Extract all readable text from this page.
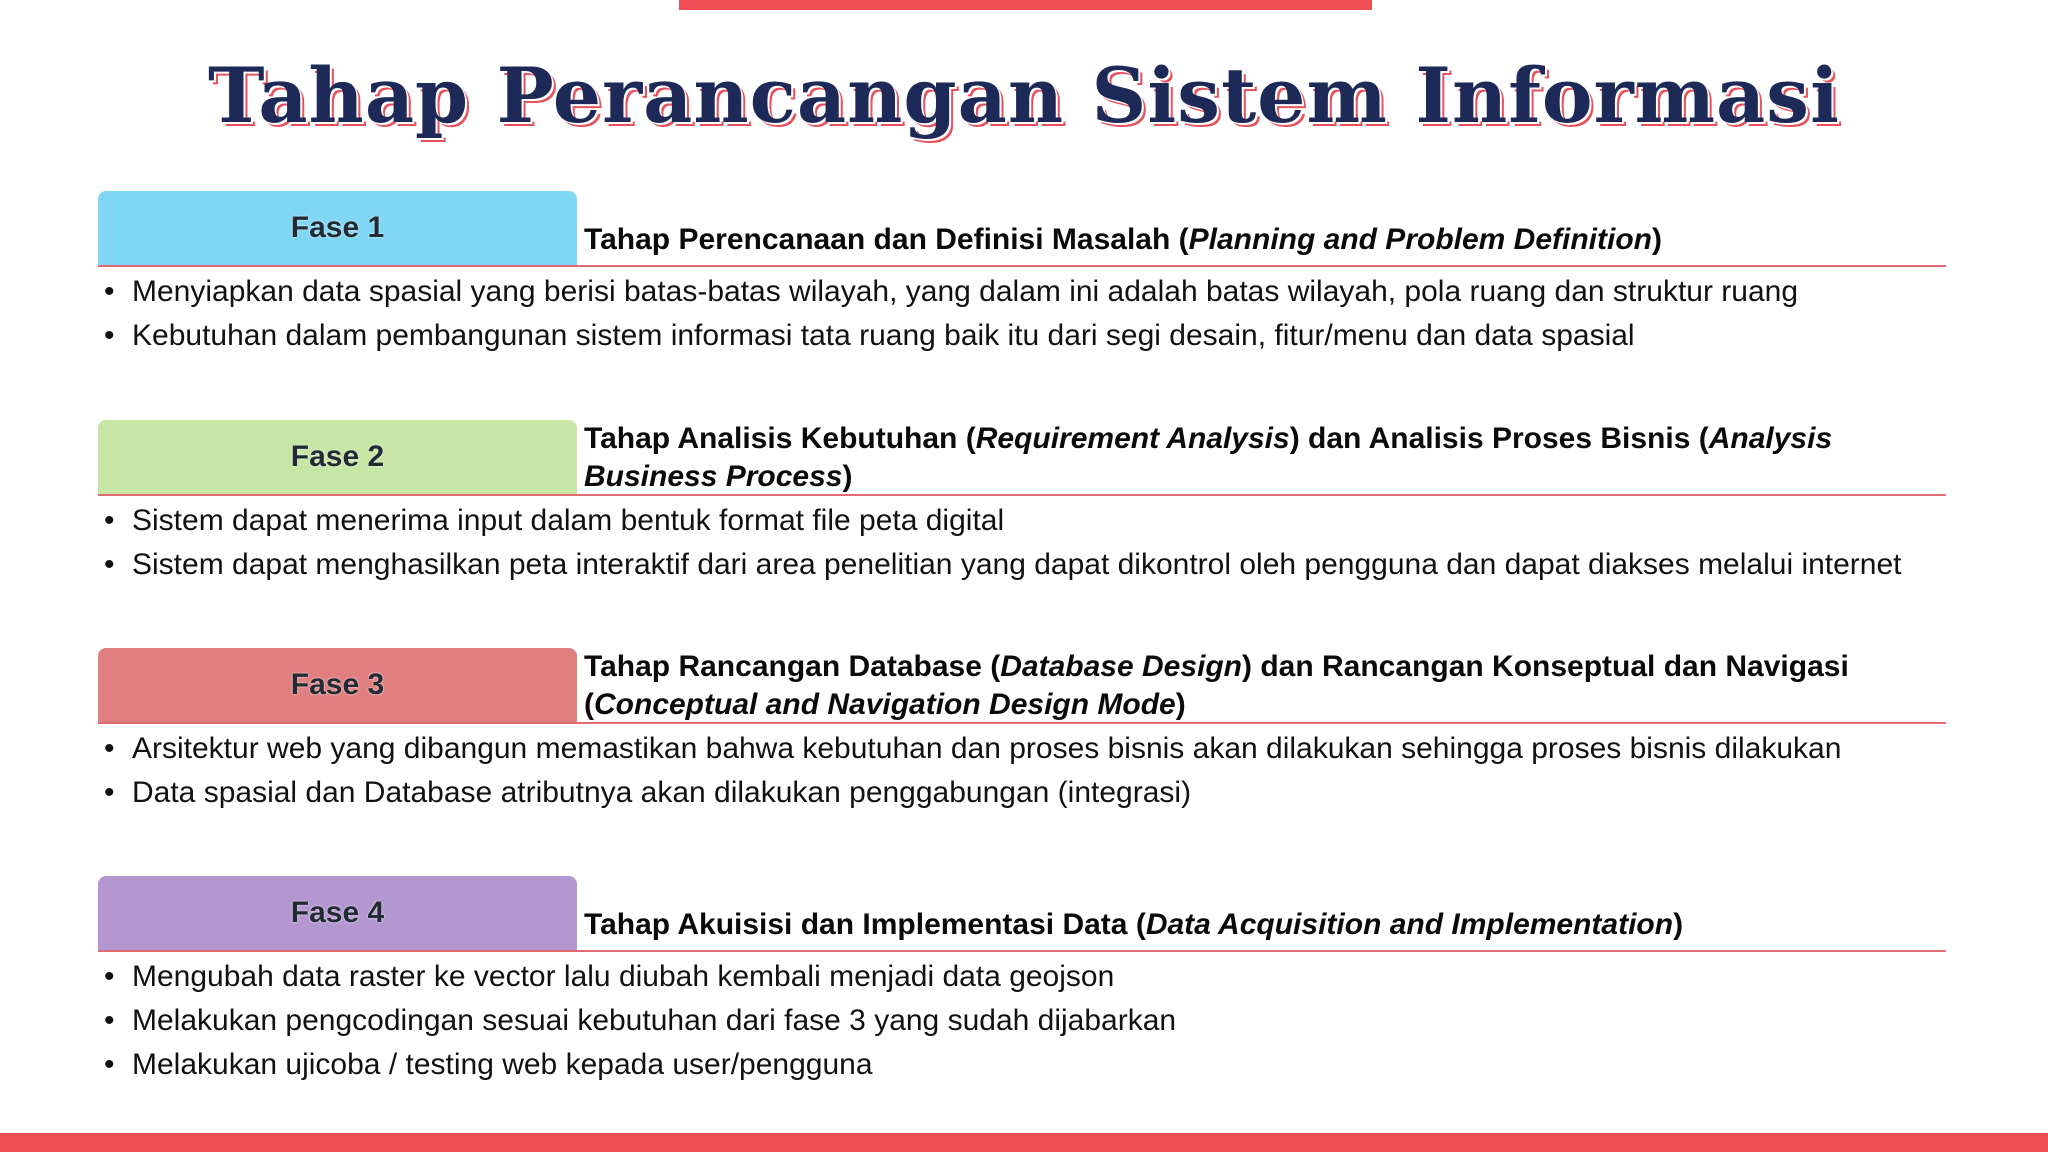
Tahap Perancangan Sistem Informasi
Fase 1	Tahap Perencanaan dan Definisi Masalah (Planning and Problem Definition)
• Menyiapkan data spasial yang berisi batas-batas wilayah, yang dalam ini adalah batas wilayah, pola ruang dan struktur ruang
• Kebutuhan dalam pembangunan sistem informasi tata ruang baik itu dari segi desain, fitur/menu dan data spasial
Fase 2
Tahap Analisis Kebutuhan (Requirement Analysis) dan Analisis Proses Bisnis (Analysis Business Process)
• Sistem dapat menerima input dalam bentuk format file peta digital
• Sistem dapat menghasilkan peta interaktif dari area penelitian yang dapat dikontrol oleh pengguna dan dapat diakses melalui internet
Fase 3
Tahap Rancangan Database (Database Design) dan Rancangan Konseptual dan Navigasi (Conceptual and Navigation Design Mode)
• Arsitektur web yang dibangun memastikan bahwa kebutuhan dan proses bisnis akan dilakukan sehingga proses bisnis dilakukan
• Data spasial dan Database atributnya akan dilakukan penggabungan (integrasi)
Fase 4	Tahap Akuisisi dan Implementasi Data (Data Acquisition and Implementation)
• Mengubah data raster ke vector lalu diubah kembali menjadi data geojson
• Melakukan pengcodingan sesuai kebutuhan dari fase 3 yang sudah dijabarkan
• Melakukan ujicoba / testing web kepada user/pengguna
